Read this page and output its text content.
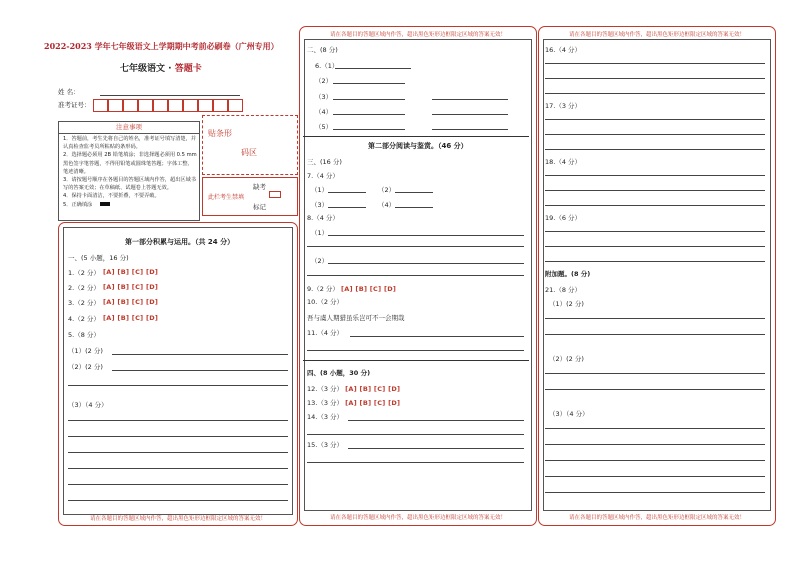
2022-2023 学年七年级语文上学期期中考前必刷卷（广州专用）
七年级语文 · 答题卡
姓 名：
准考证号：
注意事项
1．答题前，考生先将自己的姓名，准考证号填写清楚，并认真检查监考员所粘贴的条形码。
2．选择题必须用 2B 铅笔填涂；非选择题必须用 0.5 mm 黑色签字笔答题，不得用铅笔或圆珠笔答题；字体工整、笔迹清晰。
3．请按题号顺序在各题目的答题区域内作答，超出区域书写的答案无效；在草稿纸、试题卷上答题无效。
4．保持卡面清洁，不要折叠，不要弄破。
5．正确填涂
贴条形
码区
此栏考生禁填
缺考
标记
请在各题目的答题区域内作答，超出黑色矩形边框限定区域的答案无效！
第一部分积累与运用。（共 24 分）
一、(5 小题，16 分)
1.（2 分） [A] [B] [C] [D]
2.（2 分） [A] [B] [C] [D]
3.（2 分） [A] [B] [C] [D]
4.（2 分） [A] [B] [C] [D]
5.（8 分）
（1）(2 分)
（2）(2 分)
（3）（4 分）
请在各题目的答题区域内作答，超出黑色矩形边框限定区域的答案无效！
请在各题目的答题区域内作答，超出黑色矩形边框限定区域的答案无效！
二、(8 分)
6.（1）
（2）
（3）
（4）
（5）
第二部分阅读与鉴赏。（46 分）
三、(16 分)
7.（4 分）
（1）	（2）
（3）	（4）
8.（4 分）
（1）
（2）
9.（2 分） [A] [B] [C] [D]
10.（2 分）
吾与虞人期猎虽乐岂可不一会期哉
11.（4 分）
四、(8 小题，30 分)
12.（3 分） [A] [B] [C] [D]
13.（3 分） [A] [B] [C] [D]
14.（3 分）
15.（3 分）
请在各题目的答题区域内作答，超出黑色矩形边框限定区域的答案无效！
请在各题目的答题区域内作答，超出黑色矩形边框限定区域的答案无效！
16.（4 分）
17.（3 分）
18.（4 分）
19.（6 分）
附加题。(8 分)
21.（8 分）
（1）(2 分)
（2）(2 分)
（3）（4 分）
